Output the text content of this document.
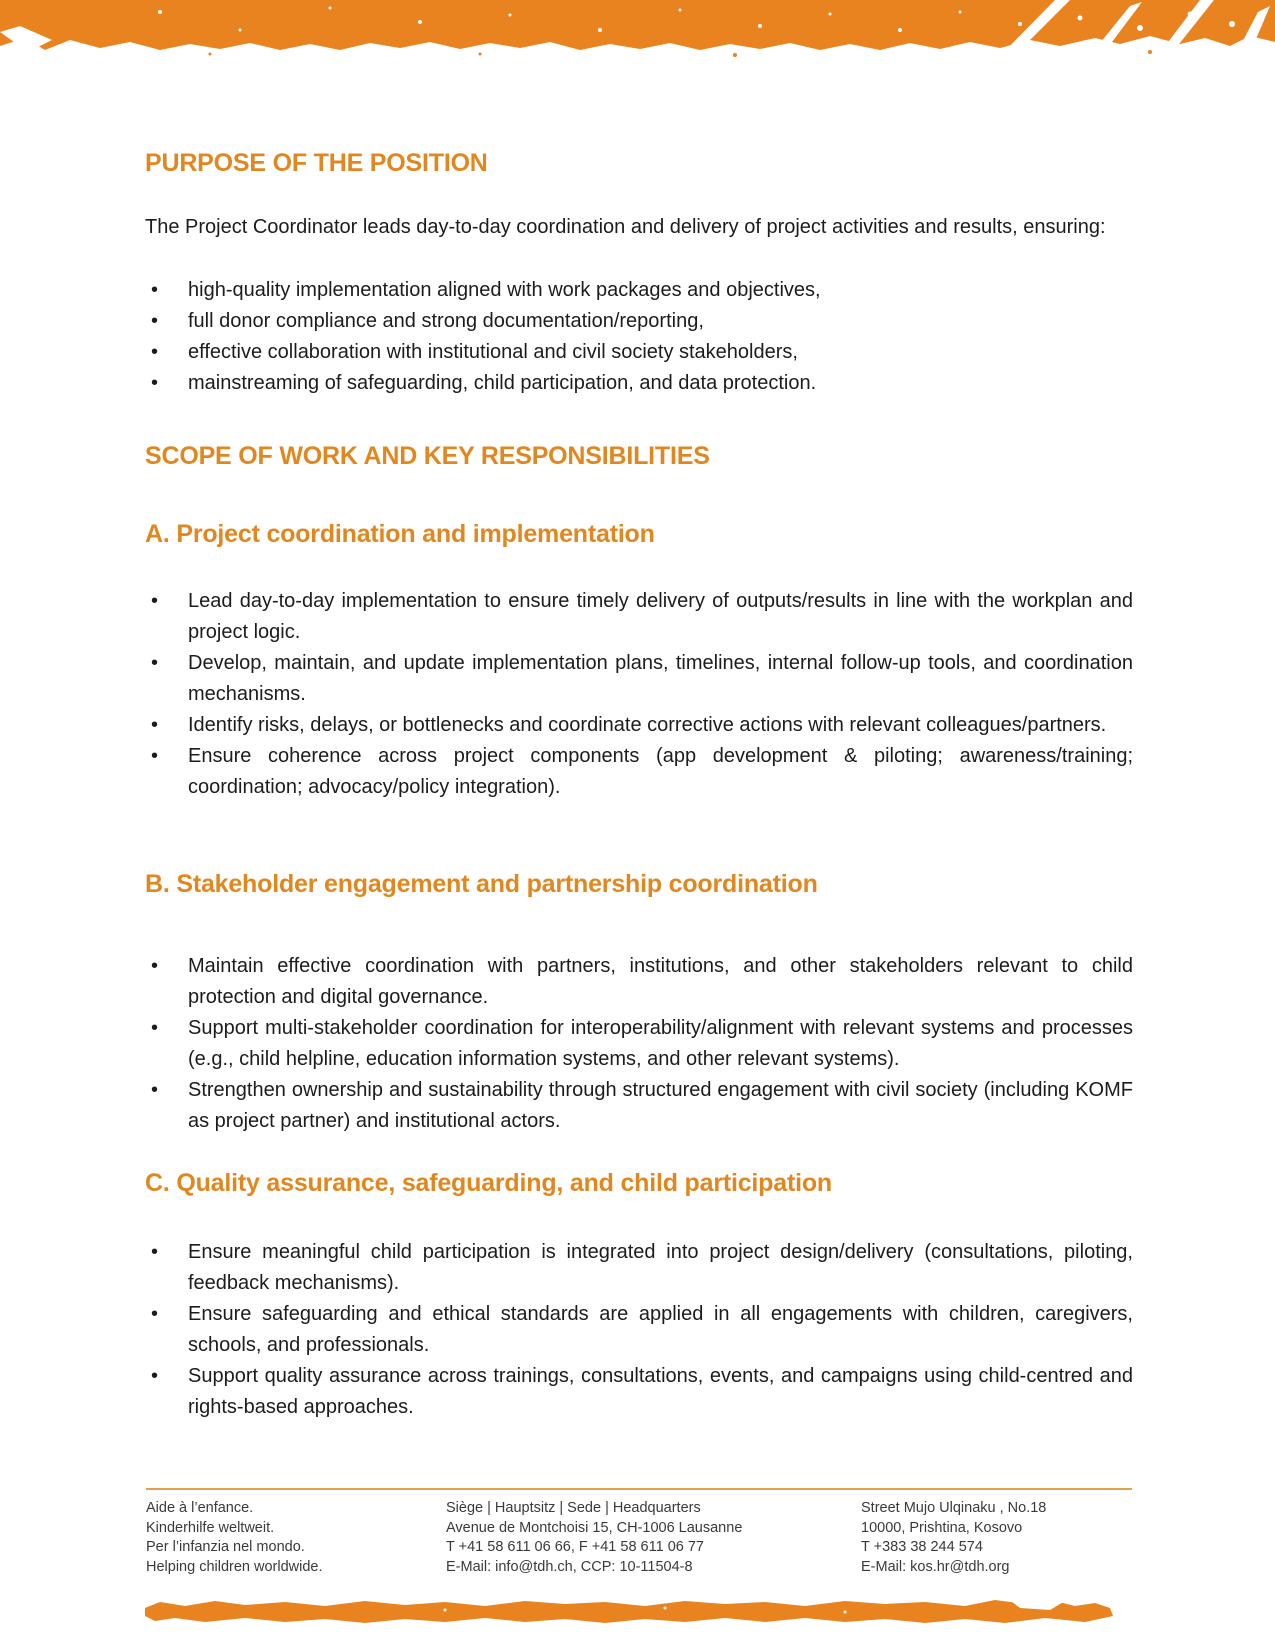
PURPOSE OF THE POSITION

The Project Coordinator leads day-to-day coordination and delivery of project activities and results, ensuring:

• high-quality implementation aligned with work packages and objectives,
• full donor compliance and strong documentation/reporting,
• effective collaboration with institutional and civil society stakeholders,
• mainstreaming of safeguarding, child participation, and data protection.
SCOPE OF WORK AND KEY RESPONSIBILITIES
A. Project coordination and implementation
• Lead day-to-day implementation to ensure timely delivery of outputs/results in line with the workplan and project logic.
• Develop, maintain, and update implementation plans, timelines, internal follow-up tools, and coordination mechanisms.
• Identify risks, delays, or bottlenecks and coordinate corrective actions with relevant colleagues/partners.
• Ensure coherence across project components (app development & piloting; awareness/training; coordination; advocacy/policy integration).
B. Stakeholder engagement and partnership coordination
• Maintain effective coordination with partners, institutions, and other stakeholders relevant to child protection and digital governance.
• Support multi-stakeholder coordination for interoperability/alignment with relevant systems and processes (e.g., child helpline, education information systems, and other relevant systems).
• Strengthen ownership and sustainability through structured engagement with civil society (including KOMF as project partner) and institutional actors.
C. Quality assurance, safeguarding, and child participation
• Ensure meaningful child participation is integrated into project design/delivery (consultations, piloting, feedback mechanisms).
• Ensure safeguarding and ethical standards are applied in all engagements with children, caregivers, schools, and professionals.
• Support quality assurance across trainings, consultations, events, and campaigns using child-centred and rights-based approaches.
Aide à l’enfance.
Kinderhilfe weltweit.
Per l’infanzia nel mondo.
Helping children worldwide.
Siège | Hauptsitz | Sede | Headquarters
Avenue de Montchoisi 15, CH-1006 Lausanne
T +41 58 611 06 66, F +41 58 611 06 77
E-Mail: info@tdh.ch, CCP: 10-11504-8
Street Mujo Ulqinaku , No.18
10000, Prishtina, Kosovo
T +383 38 244 574
E-Mail: kos.hr@tdh.org
